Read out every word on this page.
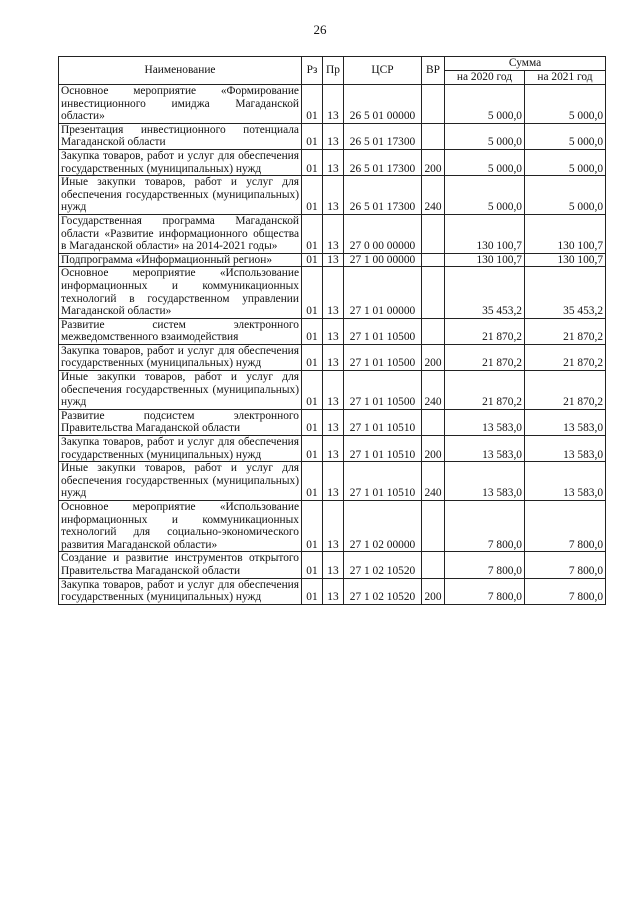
26
Наименование	Рз	Пр	ЦСР	ВР	Сумма	
					на 2020 год	на 2021 год
Основное мероприятие «Формирование инвестиционного имиджа Магаданской области»	01	13	26 5 01 00000		5 000,0	5 000,0
Презентация инвестиционного потенциала Магаданской области	01	13	26 5 01 17300		5 000,0	5 000,0
Закупка товаров, работ и услуг для обеспечения государственных (муниципальных) нужд	01	13	26 5 01 17300	200	5 000,0	5 000,0
Иные закупки товаров, работ и услуг для обеспечения государственных (муниципальных) нужд	01	13	26 5 01 17300	240	5 000,0	5 000,0
Государственная программа Магаданской области «Развитие информационного общества в Магаданской области» на 2014-2021 годы»	01	13	27 0 00 00000		130 100,7	130 100,7
Подпрограмма «Информационный регион»	01	13	27 1 00 00000		130 100,7	130 100,7
Основное мероприятие «Использование информационных и коммуникационных технологий в государственном управлении Магаданской области»	01	13	27 1 01 00000		35 453,2	35 453,2
Развитие систем электронного межведомственного взаимодействия	01	13	27 1 01 10500		21 870,2	21 870,2
Закупка товаров, работ и услуг для обеспечения государственных (муниципальных) нужд	01	13	27 1 01 10500	200	21 870,2	21 870,2
Иные закупки товаров, работ и услуг для обеспечения государственных (муниципальных) нужд	01	13	27 1 01 10500	240	21 870,2	21 870,2
Развитие подсистем электронного Правительства Магаданской области	01	13	27 1 01 10510		13 583,0	13 583,0
Закупка товаров, работ и услуг для обеспечения государственных (муниципальных) нужд	01	13	27 1 01 10510	200	13 583,0	13 583,0
Иные закупки товаров, работ и услуг для обеспечения государственных (муниципальных) нужд	01	13	27 1 01 10510	240	13 583,0	13 583,0
Основное мероприятие «Использование информационных и коммуникационных технологий для социально-экономического развития Магаданской области»	01	13	27 1 02 00000		7 800,0	7 800,0
Создание и развитие инструментов открытого Правительства Магаданской области	01	13	27 1 02 10520		7 800,0	7 800,0
Закупка товаров, работ и услуг для обеспечения государственных (муниципальных) нужд	01	13	27 1 02 10520	200	7 800,0	7 800,0
